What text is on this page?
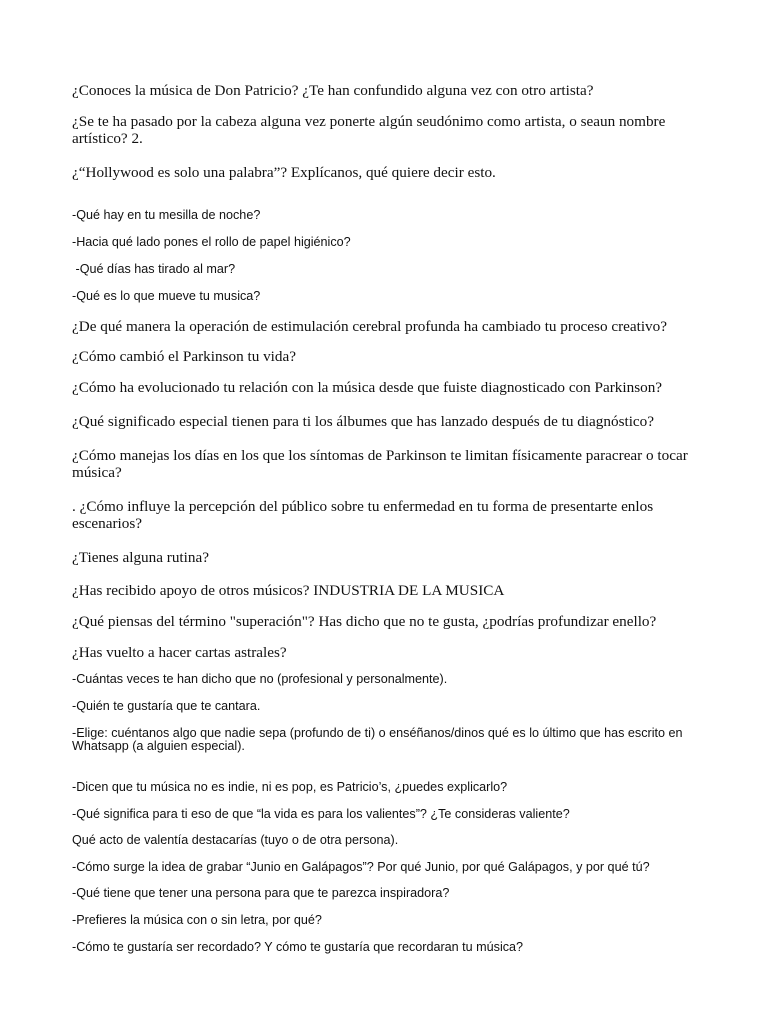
¿Conoces la música de Don Patricio? ¿Te han confundido alguna vez con otro artista?

¿Se te ha pasado por la cabeza alguna vez ponerte algún seudónimo como artista, o seaun nombre artístico? 2.

¿“Hollywood es solo una palabra”? Explícanos, qué quiere decir esto.

-Qué hay en tu mesilla de noche?

-Hacia qué lado pones el rollo de papel higiénico?

-Qué días has tirado al mar?

-Qué es lo que mueve tu musica?

¿De qué manera la operación de estimulación cerebral profunda ha cambiado tu proceso creativo?

¿Cómo cambió el Parkinson tu vida?

¿Cómo ha evolucionado tu relación con la música desde que fuiste diagnosticado con Parkinson?

¿Qué significado especial tienen para ti los álbumes que has lanzado después de tu diagnóstico?

¿Cómo manejas los días en los que los síntomas de Parkinson te limitan físicamente paracrear o tocar música?

. ¿Cómo influye la percepción del público sobre tu enfermedad en tu forma de presentarte enlos escenarios?

¿Tienes alguna rutina?

¿Has recibido apoyo de otros músicos? INDUSTRIA DE LA MUSICA

¿Qué piensas del término "superación"? Has dicho que no te gusta, ¿podrías profundizar enello?

¿Has vuelto a hacer cartas astrales?

-Cuántas veces te han dicho que no (profesional y personalmente).

-Quién te gustaría que te cantara.

-Elige: cuéntanos algo que nadie sepa (profundo de ti) o enséñanos/dinos qué es lo último que has escrito en Whatsapp (a alguien especial).

-Dicen que tu música no es indie, ni es pop, es Patricio’s, ¿puedes explicarlo?

-Qué significa para ti eso de que “la vida es para los valientes”? ¿Te consideras valiente?

Qué acto de valentía destacarías (tuyo o de otra persona).

-Cómo surge la idea de grabar “Junio en Galápagos”? Por qué Junio, por qué Galápagos, y por qué tú?

-Qué tiene que tener una persona para que te parezca inspiradora?

-Prefieres la música con o sin letra, por qué?

-Cómo te gustaría ser recordado? Y cómo te gustaría que recordaran tu música?
